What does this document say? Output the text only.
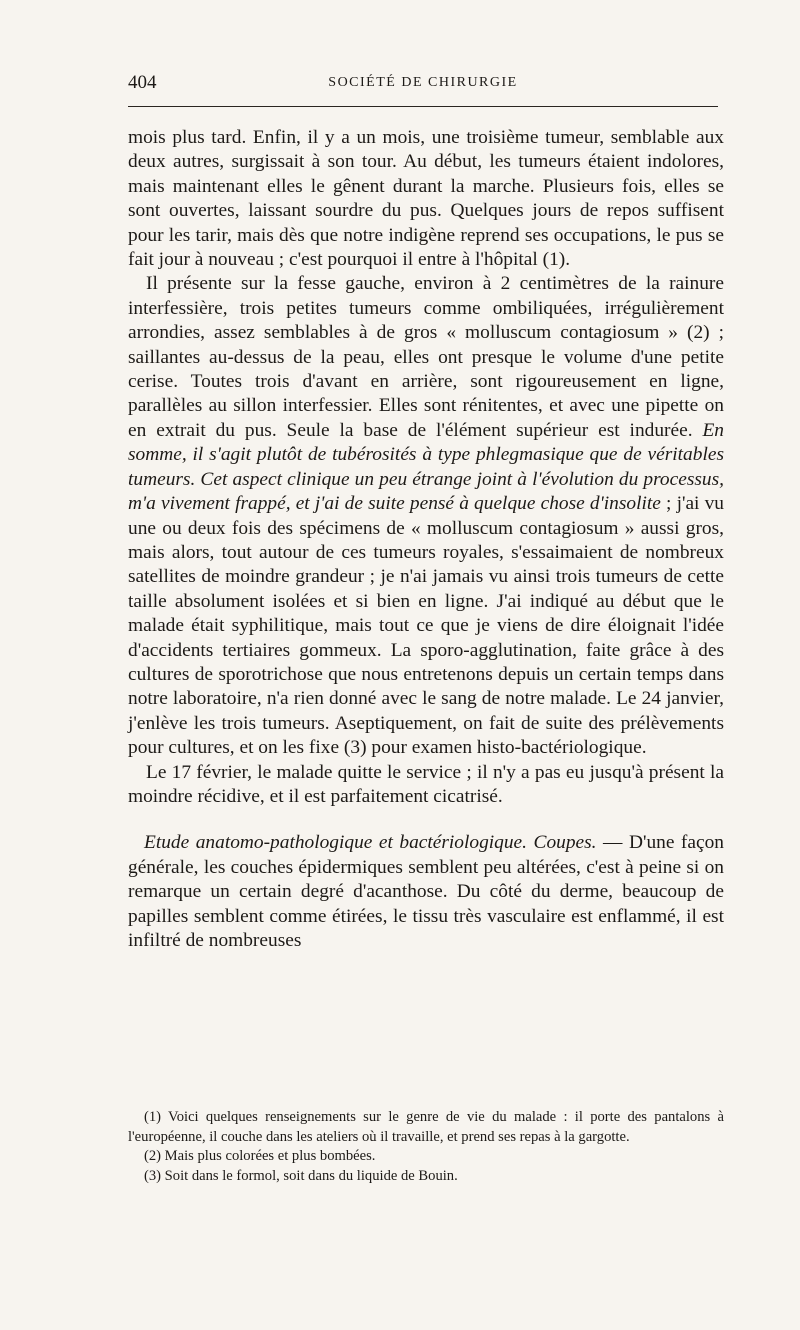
404	SOCIÉTÉ DE CHIRURGIE

mois plus tard. Enfin, il y a un mois, une troisième tumeur, semblable aux deux autres, surgissait à son tour. Au début, les tumeurs étaient indolores, mais maintenant elles le gênent durant la marche. Plusieurs fois, elles se sont ouvertes, laissant sourdre du pus. Quelques jours de repos suffisent pour les tarir, mais dès que notre indigène reprend ses occupations, le pus se fait jour à nouveau ; c'est pourquoi il entre à l'hôpital (1).

Il présente sur la fesse gauche, environ à 2 centimètres de la rainure interfessière, trois petites tumeurs comme ombiliquées, irrégulièrement arrondies, assez semblables à de gros « molluscum contagiosum » (2) ; saillantes au-dessus de la peau, elles ont presque le volume d'une petite cerise. Toutes trois d'avant en arrière, sont rigoureusement en ligne, parallèles au sillon interfessier. Elles sont rénitentes, et avec une pipette on en extrait du pus. Seule la base de l'élément supérieur est indurée. En somme, il s'agit plutôt de tubérosités à type phlegmasique que de véritables tumeurs. Cet aspect clinique un peu étrange joint à l'évolution du processus, m'a vivement frappé, et j'ai de suite pensé à quelque chose d'insolite ; j'ai vu une ou deux fois des spécimens de « molluscum contagiosum » aussi gros, mais alors, tout autour de ces tumeurs royales, s'essaimaient de nombreux satellites de moindre grandeur ; je n'ai jamais vu ainsi trois tumeurs de cette taille absolument isolées et si bien en ligne. J'ai indiqué au début que le malade était syphilitique, mais tout ce que je viens de dire éloignait l'idée d'accidents tertiaires gommeux. La sporo-agglutination, faite grâce à des cultures de sporotrichose que nous entretenons depuis un certain temps dans notre laboratoire, n'a rien donné avec le sang de notre malade. Le 24 janvier, j'enlève les trois tumeurs. Aseptiquement, on fait de suite des prélèvements pour cultures, et on les fixe (3) pour examen histo-bactériologique.

Le 17 février, le malade quitte le service ; il n'y a pas eu jusqu'à présent la moindre récidive, et il est parfaitement cicatrisé.

Etude anatomo-pathologique et bactériologique. Coupes. — D'une façon générale, les couches épidermiques semblent peu altérées, c'est à peine si on remarque un certain degré d'acanthose. Du côté du derme, beaucoup de papilles semblent comme étirées, le tissu très vasculaire est enflammé, il est infiltré de nombreuses

(1) Voici quelques renseignements sur le genre de vie du malade : il porte des pantalons à l'européenne, il couche dans les ateliers où il travaille, et prend ses repas à la gargotte.

(2) Mais plus colorées et plus bombées.

(3) Soit dans le formol, soit dans du liquide de Bouin.
